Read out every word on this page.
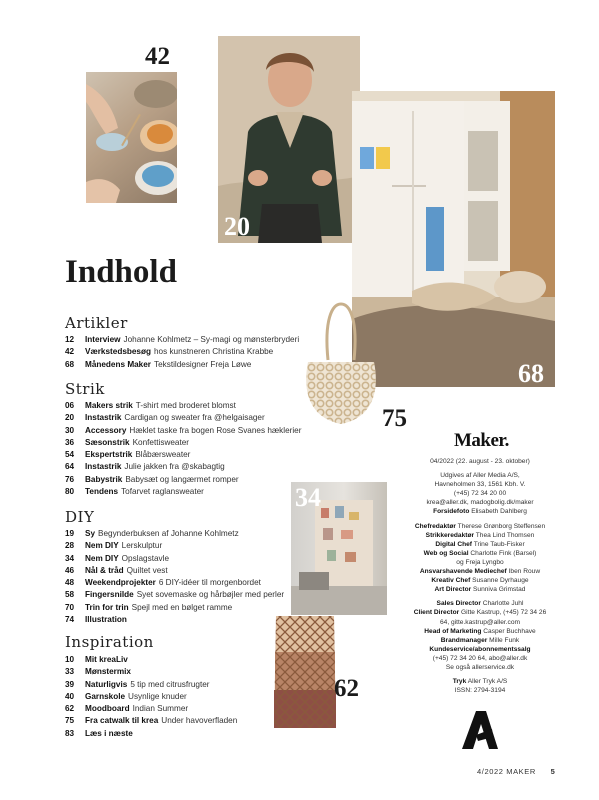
42
20
68
75
34
62
Indhold
Artikler
12	Interview Johanne Kohlmetz – Sy-magi og mønsterbryderi
42	Værkstedsbesøg hos kunstneren Christina Krabbe
68	Månedens Maker Tekstildesigner Freja Løwe
Strik
06	Makers strik T-shirt med broderet blomst
20	Instastrik Cardigan og sweater fra @helgaisager
30	Accessory Hæklet taske fra bogen Rose Svanes hæklerier
36	Sæsonstrik Konfettisweater
54	Ekspertstrik Blåbærsweater
64	Instastrik Julie jakken fra @skabagtig
76	Babystrik Babysæt og langærmet romper
80	Tendens Tofarvet raglansweater
DIY
19	Sy Begynderbuksen af Johanne Kohlmetz
28	Nem DIY Lerskulptur
34	Nem DIY Opslagstavle
46	Nål & tråd Quiltet vest
48	Weekendprojekter 6 DIY-idéer til morgenbordet
58	Fingersnilde Syet sovemaske og hårbøjler med perler
70	Trin for trin Spejl med en bølget ramme
74	Illustration
Inspiration
10	Mit kreaLiv
33	Mønstermix
39	Naturligvis 5 tip med citrusfrugter
40	Garnskole Usynlige knuder
62	Moodboard Indian Summer
75	Fra catwalk til krea Under havoverfladen
83	Læs i næste
Maker.
04/2022 (22. august - 23. oktober)
Udgives af Aller Media A/S,
Havneholmen 33, 1561 Kbh. V.
(+45) 72 34 20 00
krea@aller.dk, madogbolig.dk/maker
Forsidefoto Elisabeth Dahlberg
Chefredaktør Therese Grønborg Steffensen
Strikkeredaktør Thea Lind Thomsen
Digital Chef Trine Taub-Fisker
Web og Social Charlotte Fink (Barsel)
og Freja Lyngbo
Ansvarshavende Mediechef Iben Rouw
Kreativ Chef Susanne Dyrhauge
Art Director Sunniva Grimstad
Sales Director Charlotte Juhl
Client Director Gitte Kastrup, (+45) 72 34 26
64, gitte.kastrup@aller.com
Head of Marketing Casper Buchhave
Brandmanager Mille Funk
Kundeservice/abonnementssalg
(+45) 72 34 20 64, abo@aller.dk
Se også allerservice.dk
Tryk Aller Tryk A/S
ISSN: 2794-3194
4/2022 MAKER 5
